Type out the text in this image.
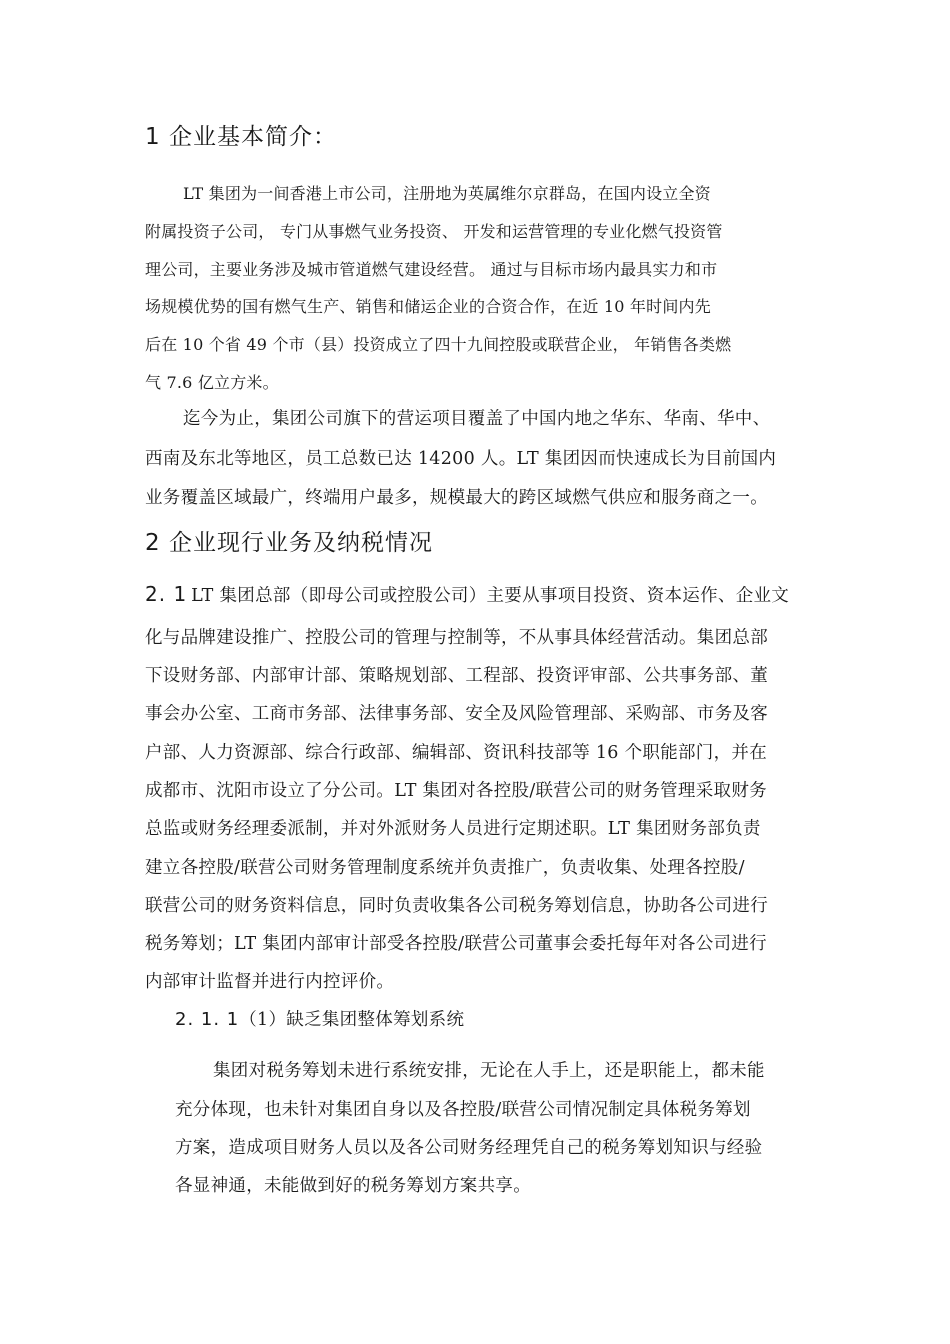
1 企业基本简介：
LT 集团为一间香港上市公司，注册地为英属维尔京群岛，在国内设立全资
附属投资子公司， 专门从事燃气业务投资、 开发和运营管理的专业化燃气投资管
理公司，主要业务涉及城市管道燃气建设经营。 通过与目标市场内最具实力和市
场规模优势的国有燃气生产、销售和储运企业的合资合作，在近 10 年时间内先
后在 10 个省 49 个市（县）投资成立了四十九间控股或联营企业， 年销售各类燃
气 7.6 亿立方米。
迄今为止，集团公司旗下的营运项目覆盖了中国内地之华东、华南、华中、
西南及东北等地区，员工总数已达 14200 人。LT 集团因而快速成长为目前国内
业务覆盖区域最广，终端用户最多，规模最大的跨区域燃气供应和服务商之一。
2 企业现行业务及纳税情况
2. 1 LT 集团总部（即母公司或控股公司）主要从事项目投资、资本运作、企业文
化与品牌建设推广、控股公司的管理与控制等，不从事具体经营活动。集团总部
下设财务部、内部审计部、策略规划部、工程部、投资评审部、公共事务部、董
事会办公室、工商市务部、法律事务部、安全及风险管理部、采购部、市务及客
户部、人力资源部、综合行政部、编辑部、资讯科技部等 16 个职能部门，并在
成都市、沈阳市设立了分公司。LT 集团对各控股/联营公司的财务管理采取财务
总监或财务经理委派制，并对外派财务人员进行定期述职。LT 集团财务部负责
建立各控股/联营公司财务管理制度系统并负责推广，负责收集、处理各控股/
联营公司的财务资料信息，同时负责收集各公司税务筹划信息，协助各公司进行
税务筹划；LT 集团内部审计部受各控股/联营公司董事会委托每年对各公司进行
内部审计监督并进行内控评价。
2. 1. 1（1）缺乏集团整体筹划系统
集团对税务筹划未进行系统安排，无论在人手上，还是职能上，都未能
充分体现，也未针对集团自身以及各控股/联营公司情况制定具体税务筹划
方案，造成项目财务人员以及各公司财务经理凭自己的税务筹划知识与经验
各显神通，未能做到好的税务筹划方案共享。
